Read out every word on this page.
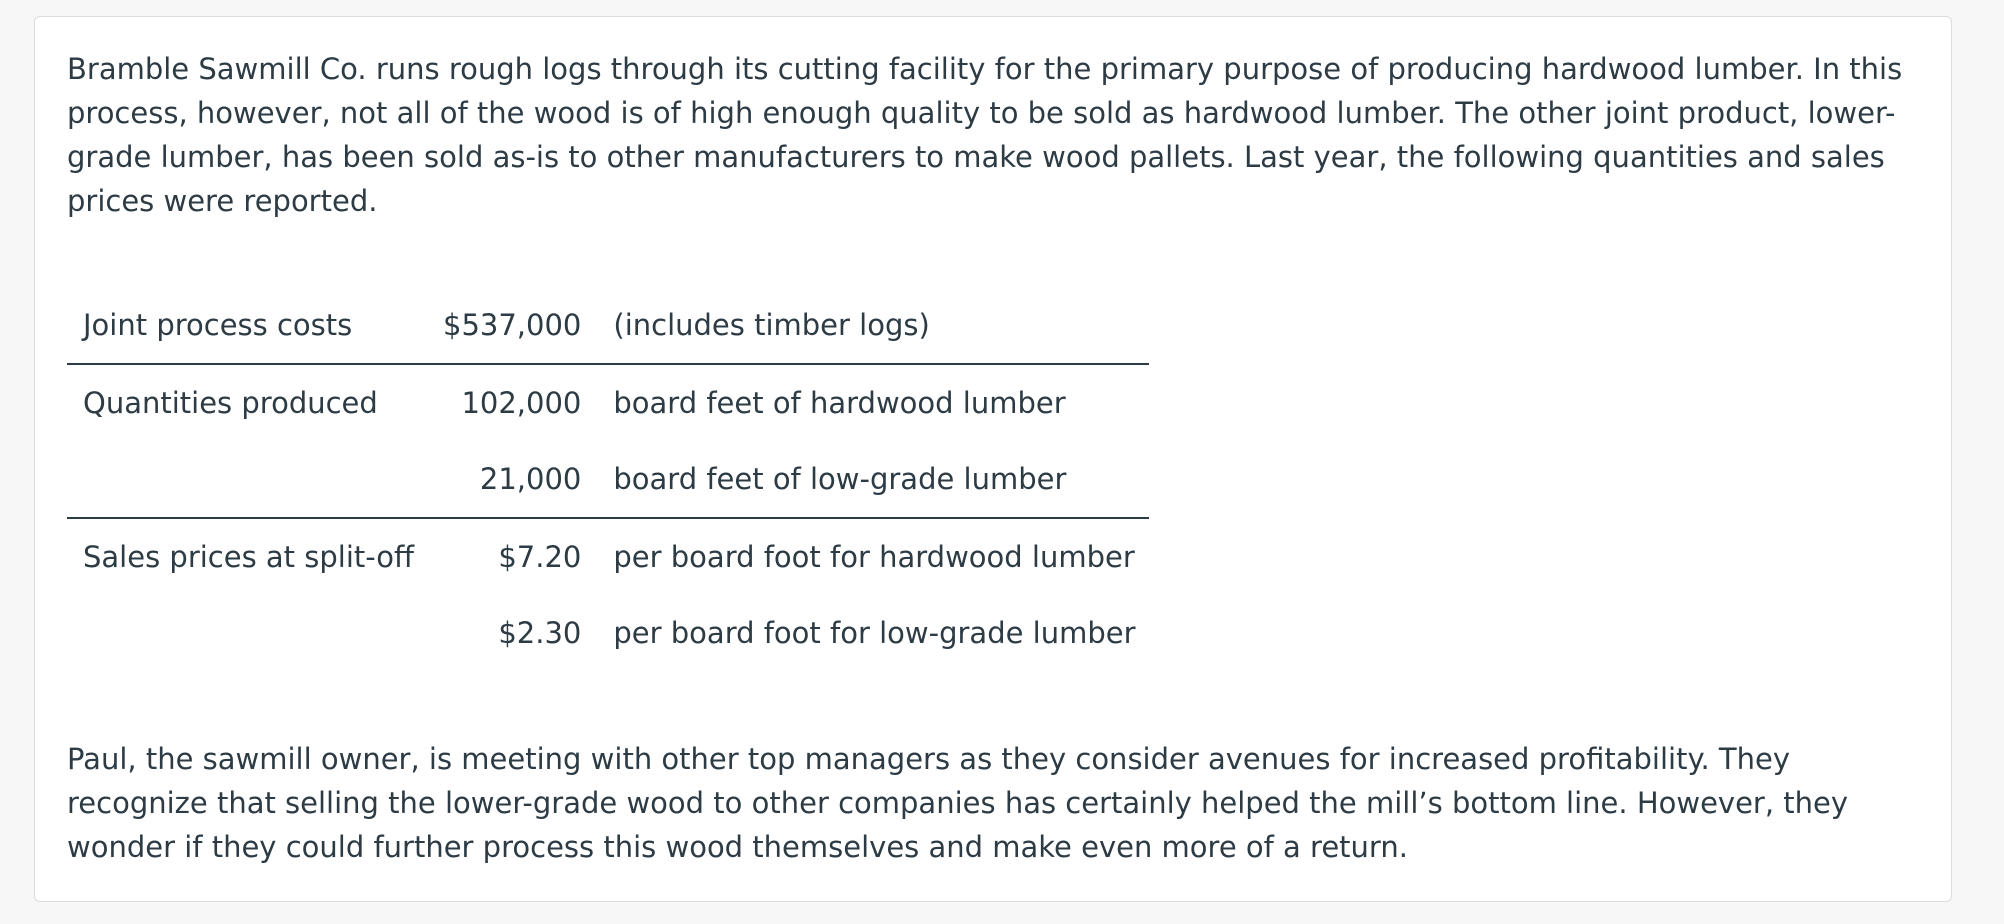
Bramble Sawmill Co. runs rough logs through its cutting facility for the primary purpose of producing hardwood lumber. In this process, however, not all of the wood is of high enough quality to be sold as hardwood lumber. The other joint product, lower-grade lumber, has been sold as-is to other manufacturers to make wood pallets. Last year, the following quantities and sales prices were reported.

Joint process costs	$537,000	(includes timber logs)
Quantities produced	102,000	board feet of hardwood lumber
	21,000	board feet of low-grade lumber
Sales prices at split-off	$7.20	per board foot for hardwood lumber
	$2.30	per board foot for low-grade lumber

Paul, the sawmill owner, is meeting with other top managers as they consider avenues for increased profitability. They recognize that selling the lower-grade wood to other companies has certainly helped the mill’s bottom line. However, they wonder if they could further process this wood themselves and make even more of a return.
